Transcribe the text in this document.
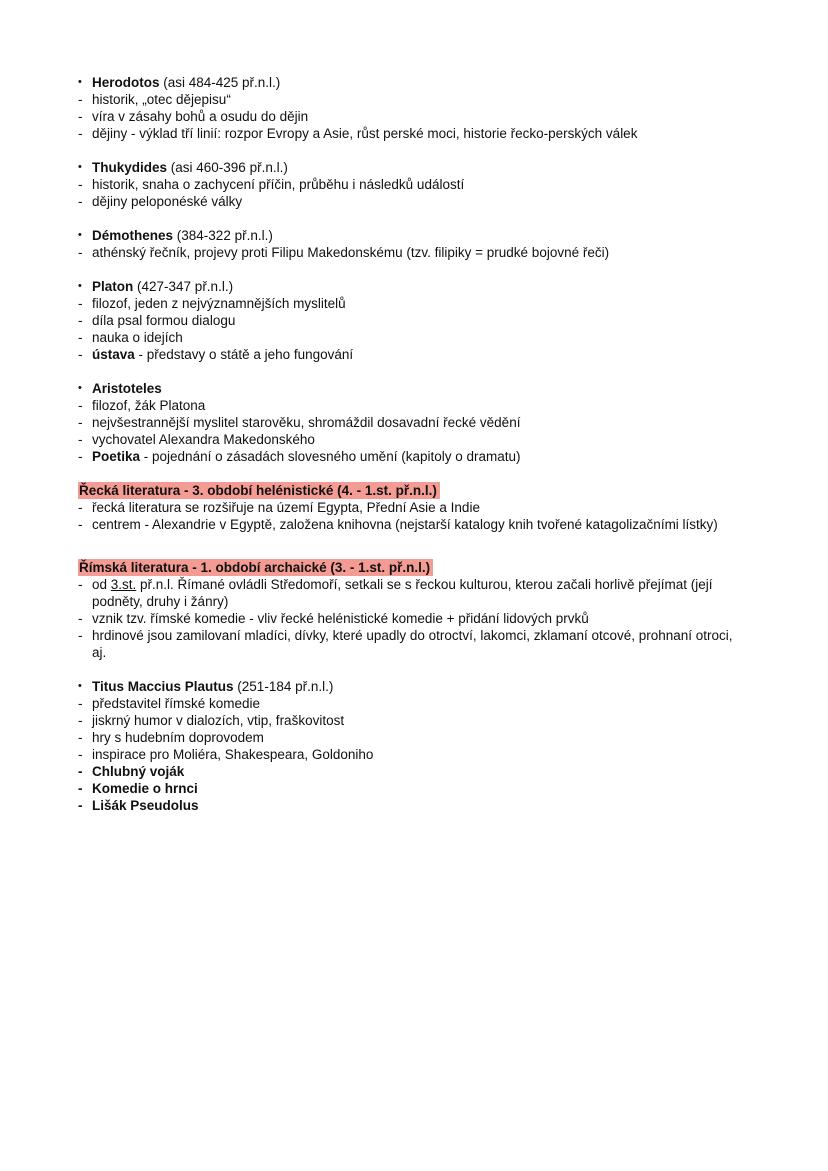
• Herodotos (asi 484-425 př.n.l.)
- historik, „otec dějepisu“
- víra v zásahy bohů a osudu do dějin
- dějiny - výklad tří linií: rozpor Evropy a Asie, růst perské moci, historie řecko-perských válek
• Thukydides (asi 460-396 př.n.l.)
- historik, snaha o zachycení příčin, průběhu i následků událostí
- dějiny peloponéské války
• Démothenes (384-322 př.n.l.)
- athénský řečník, projevy proti Filipu Makedonskému (tzv. filipiky = prudké bojovné řeči)
• Platon (427-347 př.n.l.)
- filozof, jeden z nejvýznamnějších myslitelů
- díla psal formou dialogu
- nauka o idejích
- ústava - představy o státě a jeho fungování
• Aristoteles
- filozof, žák Platona
- nejvšestrannější myslitel starověku, shromáždil dosavadní řecké vědění
- vychovatel Alexandra Makedonského
- Poetika - pojednání o zásadách slovesného umění (kapitoly o dramatu)
Řecká literatura - 3. období helénistické (4. - 1.st. př.n.l.)
- řecká literatura se rozšiřuje na území Egypta, Přední Asie a Indie
- centrem - Alexandrie v Egyptě, založena knihovna (nejstarší katalogy knih tvořené katagolizačními lístky)
Římská literatura - 1. období archaické (3. - 1.st. př.n.l.)
- od 3.st. př.n.l. Římané ovládli Středomoří, setkali se s řeckou kulturou, kterou začali horlivě přejímat (její podněty, druhy i žánry)
- vznik tzv. římské komedie - vliv řecké helénistické komedie + přidání lidových prvků
- hrdinové jsou zamilovaní mladíci, dívky, které upadly do otroctví, lakomci, zklamaní otcové, prohnaní otroci, aj.
• Titus Maccius Plautus (251-184 př.n.l.)
- představitel římské komedie
- jiskrný humor v dialozích, vtip, fraškovitost
- hry s hudebním doprovodem
- inspirace pro Moliéra, Shakespeara, Goldoniho
- Chlubný voják
- Komedie o hrnci
- Lišák Pseudolus
